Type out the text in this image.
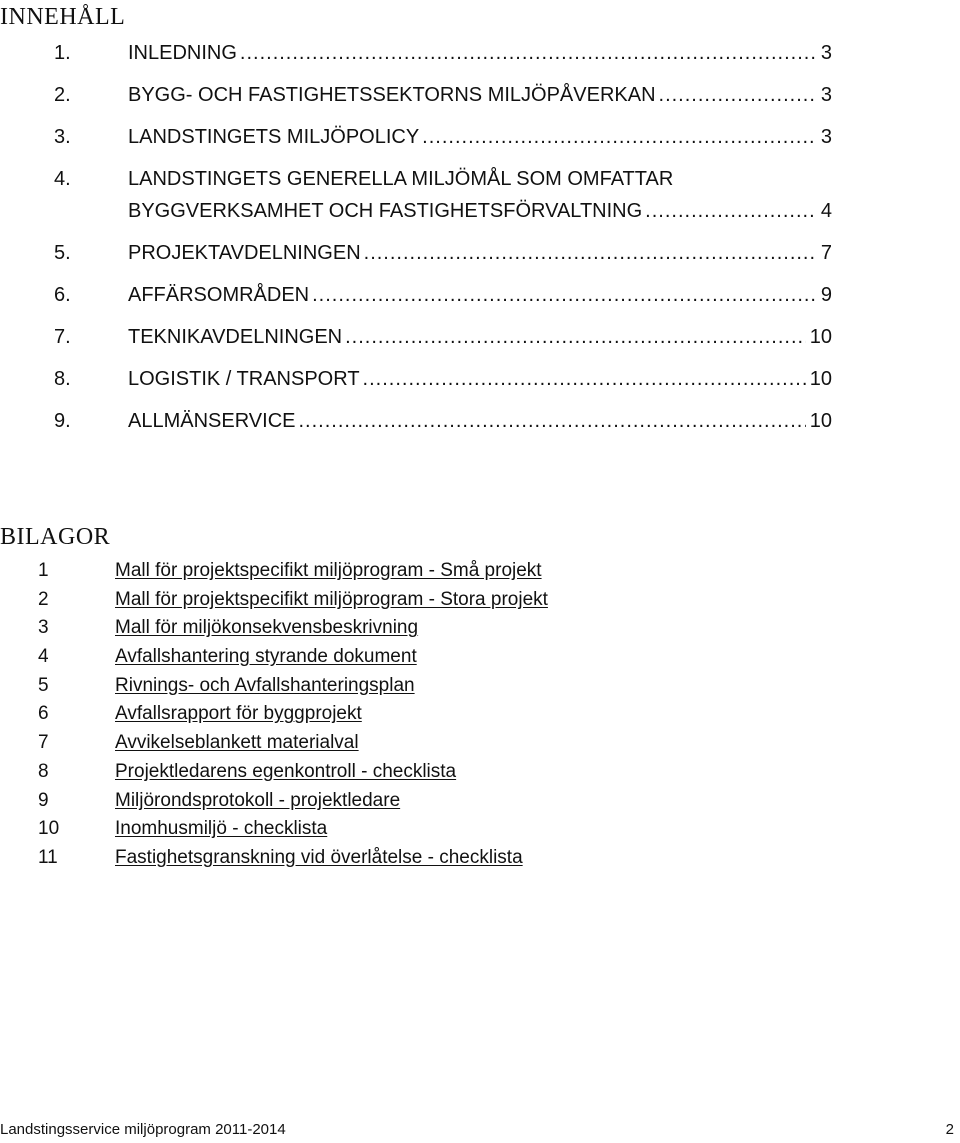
INNEHÅLL
1.	INLEDNING .....	3
2.	BYGG- OCH FASTIGHETSSEKTORNS MILJÖPÅVERKAN .....	3
3.	LANDSTINGETS MILJÖPOLICY .....	3
4.	LANDSTINGETS GENERELLA MILJÖMÅL SOM OMFATTAR
BYGGVERKSAMHET OCH FASTIGHETSFÖRVALTNING .....	4
5.	PROJEKTAVDELNINGEN .....	7
6.	AFFÄRSOMRÅDEN .....	9
7.	TEKNIKAVDELNINGEN .....	10
8.	LOGISTIK / TRANSPORT .....	10
9.	ALLMÄNSERVICE .....	10
BILAGOR
1	Mall för projektspecifikt miljöprogram - Små projekt
2	Mall för projektspecifikt miljöprogram - Stora projekt
3	Mall för miljökonsekvensbeskrivning
4	Avfallshantering styrande dokument
5	Rivnings- och Avfallshanteringsplan
6	Avfallsrapport för byggprojekt
7	Avvikelseblankett materialval
8	Projektledarens egenkontroll - checklista
9	Miljörondsprotokoll - projektledare
10	Inomhusmiljö - checklista
11	Fastighetsgranskning vid överlåtelse - checklista
Landstingsservice miljöprogram 2011-2014	2
